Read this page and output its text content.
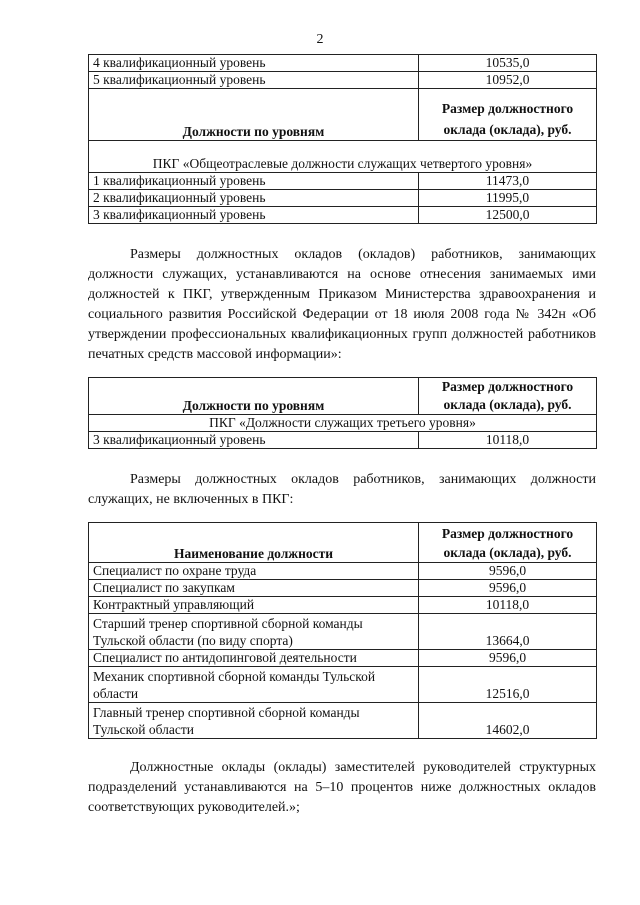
2
4 квалификационный уровень	10535,0
5 квалификационный уровень	10952,0
Должности по уровням	Размер должностного оклада (оклада), руб.
ПКГ «Общеотраслевые должности служащих четвертого уровня»	
1 квалификационный уровень	11473,0
2 квалификационный уровень	11995,0
3 квалификационный уровень	12500,0
Размеры должностных окладов (окладов) работников, занимающих должности служащих, устанавливаются на основе отнесения занимаемых ими должностей к ПКГ, утвержденным Приказом Министерства здравоохранения и социального развития Российской Федерации от 18 июля 2008 года № 342н «Об утверждении профессиональных квалификационных групп должностей работников печатных средств массовой информации»:
Должности по уровням	Размер должностного оклада (оклада), руб.
ПКГ «Должности служащих третьего уровня»	
3 квалификационный уровень	10118,0
Размеры должностных окладов работников, занимающих должности служащих, не включенных в ПКГ:
Наименование должности	Размер должностного оклада (оклада), руб.
Специалист по охране труда	9596,0
Специалист по закупкам	9596,0
Контрактный управляющий	10118,0
Старший тренер спортивной сборной команды Тульской области (по виду спорта)	13664,0
Специалист по антидопинговой деятельности	9596,0
Механик спортивной сборной команды Тульской области	12516,0
Главный тренер спортивной сборной команды Тульской области	14602,0
Должностные оклады (оклады) заместителей руководителей структурных подразделений устанавливаются на 5–10 процентов ниже должностных окладов соответствующих руководителей.»;
